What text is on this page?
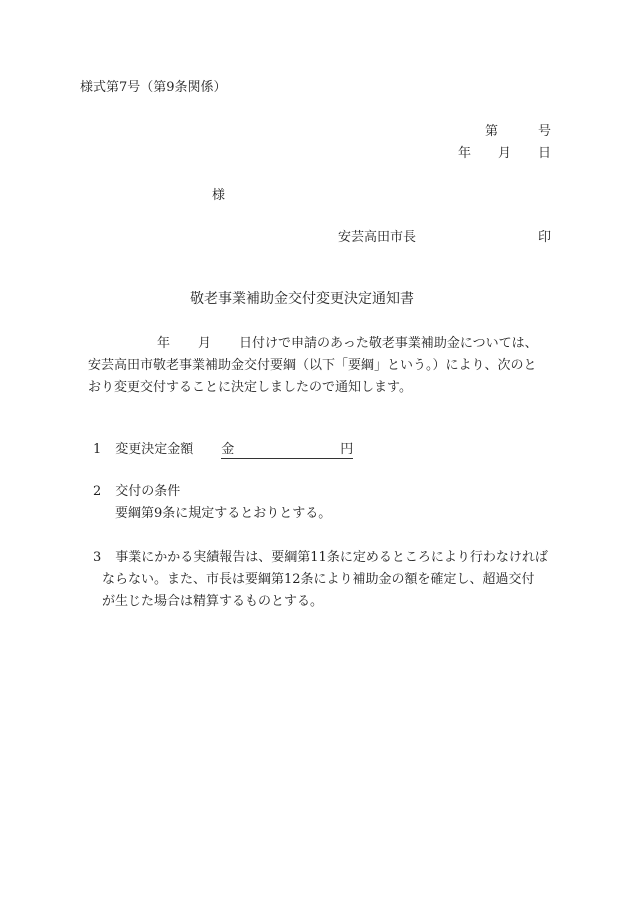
様式第7号（第9条関係）
第	号
年 月 日
様
安芸高田市長	印
敬老事業補助金交付変更決定通知書
年 月 日付けで申請のあった敬老事業補助金については、
安芸高田市敬老事業補助金交付要綱（以下「要綱」という。）により、次のと
おり変更交付することに決定しましたので通知します。
1 変更決定金額 金	円
2 交付の条件
要綱第9条に規定するとおりとする。
3 事業にかかる実績報告は、要綱第11条に定めるところにより行わなければ
ならない。また、市長は要綱第12条により補助金の額を確定し、超過交付
が生じた場合は精算するものとする。
